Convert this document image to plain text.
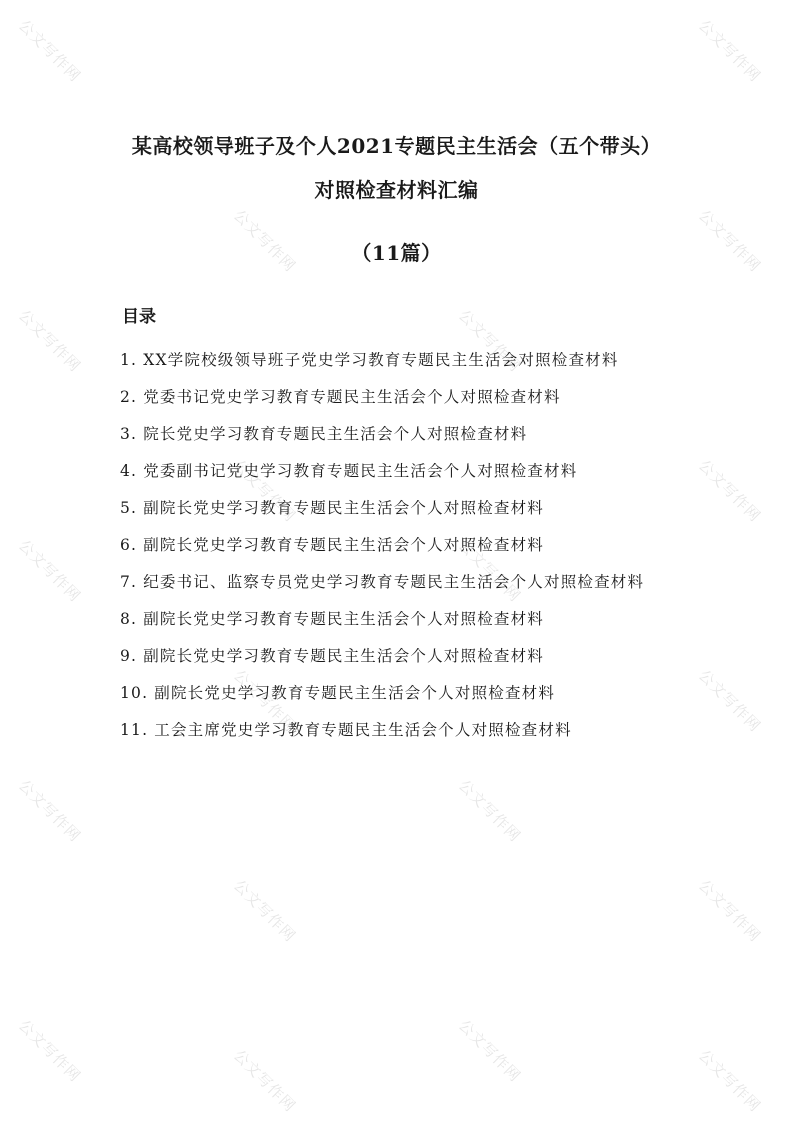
公文写作网	公文写作网
公文写作网	公文写作网
公文写作网	公文写作网
公文写作网	公文写作网
公文写作网	公文写作网
公文写作网	公文写作网
公文写作网	公文写作网
公文写作网	公文写作网
公文写作网	公文写作网
公文写作网	公文写作网
某高校领导班子及个人2021专题民主生活会（五个带头）
对照检查材料汇编
（11篇）
目录
1. XX学院校级领导班子党史学习教育专题民主生活会对照检查材料
2. 党委书记党史学习教育专题民主生活会个人对照检查材料
3. 院长党史学习教育专题民主生活会个人对照检查材料
4. 党委副书记党史学习教育专题民主生活会个人对照检查材料
5. 副院长党史学习教育专题民主生活会个人对照检查材料
6. 副院长党史学习教育专题民主生活会个人对照检查材料
7. 纪委书记、监察专员党史学习教育专题民主生活会个人对照检查材料
8. 副院长党史学习教育专题民主生活会个人对照检查材料
9. 副院长党史学习教育专题民主生活会个人对照检查材料
10. 副院长党史学习教育专题民主生活会个人对照检查材料
11. 工会主席党史学习教育专题民主生活会个人对照检查材料
